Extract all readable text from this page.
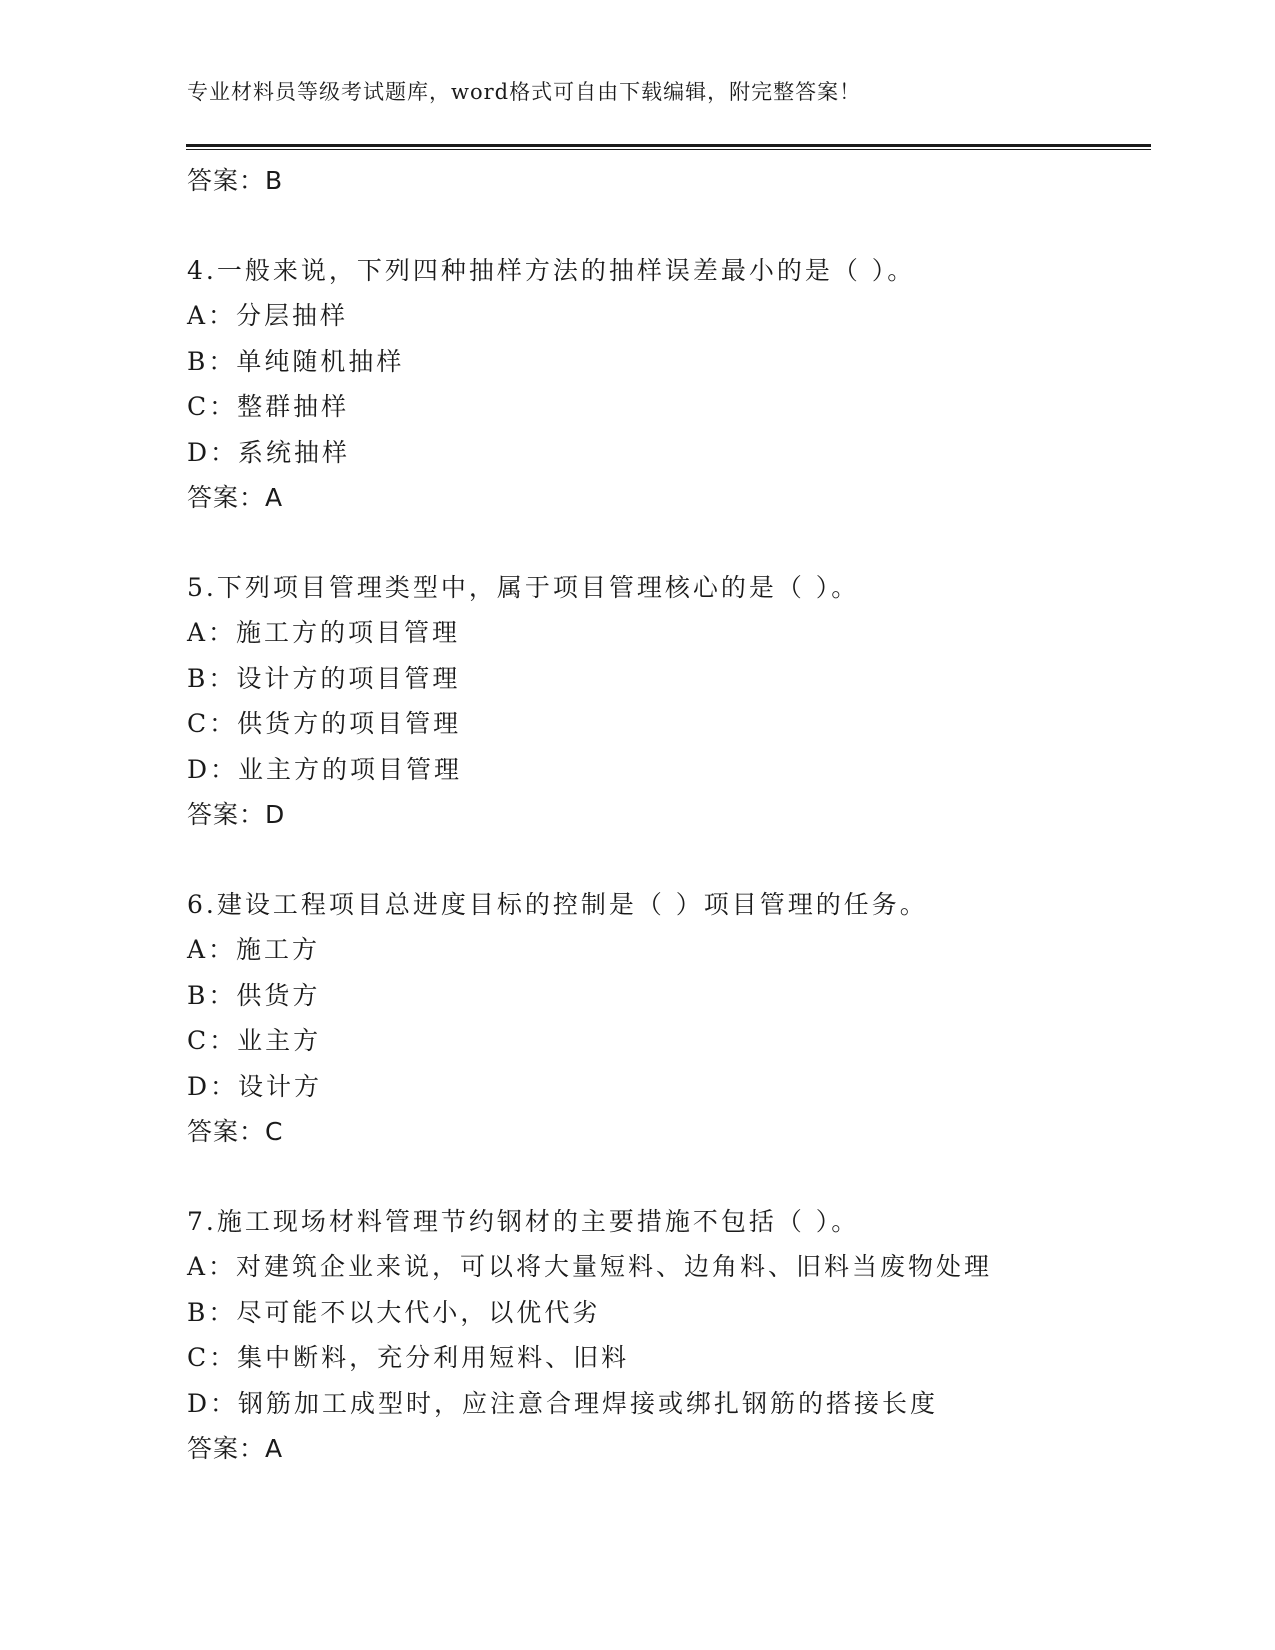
专业材料员等级考试题库，word格式可自由下载编辑，附完整答案！
答案：B
4.一般来说，下列四种抽样方法的抽样误差最小的是（ ）。
A：分层抽样
B：单纯随机抽样
C：整群抽样
D：系统抽样
答案：A
5.下列项目管理类型中，属于项目管理核心的是（ ）。
A：施工方的项目管理
B：设计方的项目管理
C：供货方的项目管理
D：业主方的项目管理
答案：D
6.建设工程项目总进度目标的控制是（ ）项目管理的任务。
A：施工方
B：供货方
C：业主方
D：设计方
答案：C
7.施工现场材料管理节约钢材的主要措施不包括（ ）。
A：对建筑企业来说，可以将大量短料、边角料、旧料当废物处理
B：尽可能不以大代小，以优代劣
C：集中断料，充分利用短料、旧料
D：钢筋加工成型时，应注意合理焊接或绑扎钢筋的搭接长度
答案：A
